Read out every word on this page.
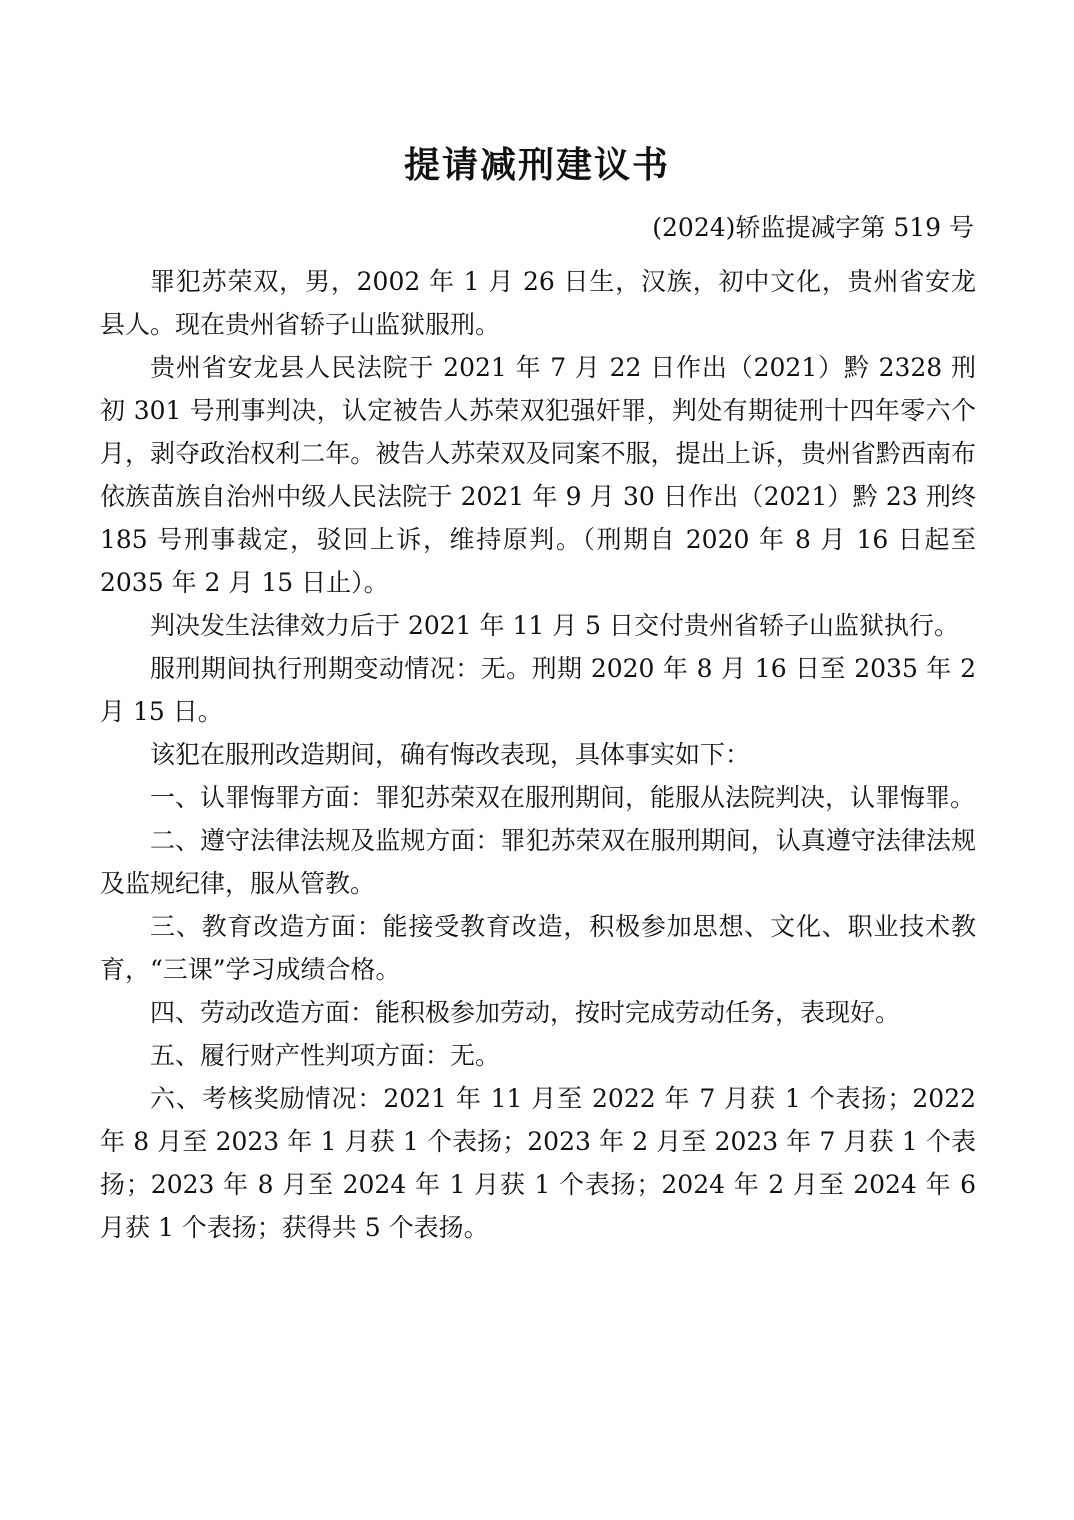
提请减刑建议书
(2024)轿监提减字第 519 号

罪犯苏荣双，男，2002 年 1 月 26 日生，汉族，初中文化，贵州省安龙县人。现在贵州省轿子山监狱服刑。

贵州省安龙县人民法院于 2021 年 7 月 22 日作出（2021）黔 2328 刑初 301 号刑事判决，认定被告人苏荣双犯强奸罪，判处有期徒刑十四年零六个月，剥夺政治权利二年。被告人苏荣双及同案不服，提出上诉，贵州省黔西南布依族苗族自治州中级人民法院于 2021 年 9 月 30 日作出（2021）黔 23 刑终 185 号刑事裁定，驳回上诉，维持原判。（刑期自 2020 年 8 月 16 日起至 2035 年 2 月 15 日止）。

判决发生法律效力后于 2021 年 11 月 5 日交付贵州省轿子山监狱执行。

服刑期间执行刑期变动情况：无。刑期 2020 年 8 月 16 日至 2035 年 2 月 15 日。

该犯在服刑改造期间，确有悔改表现，具体事实如下：

一、认罪悔罪方面：罪犯苏荣双在服刑期间，能服从法院判决，认罪悔罪。

二、遵守法律法规及监规方面：罪犯苏荣双在服刑期间，认真遵守法律法规及监规纪律，服从管教。

三、教育改造方面：能接受教育改造，积极参加思想、文化、职业技术教育，“三课”学习成绩合格。

四、劳动改造方面：能积极参加劳动，按时完成劳动任务，表现好。

五、履行财产性判项方面：无。

六、考核奖励情况：2021 年 11 月至 2022 年 7 月获 1 个表扬；2022 年 8 月至 2023 年 1 月获 1 个表扬；2023 年 2 月至 2023 年 7 月获 1 个表扬；2023 年 8 月至 2024 年 1 月获 1 个表扬；2024 年 2 月至 2024 年 6 月获 1 个表扬；获得共 5 个表扬。
